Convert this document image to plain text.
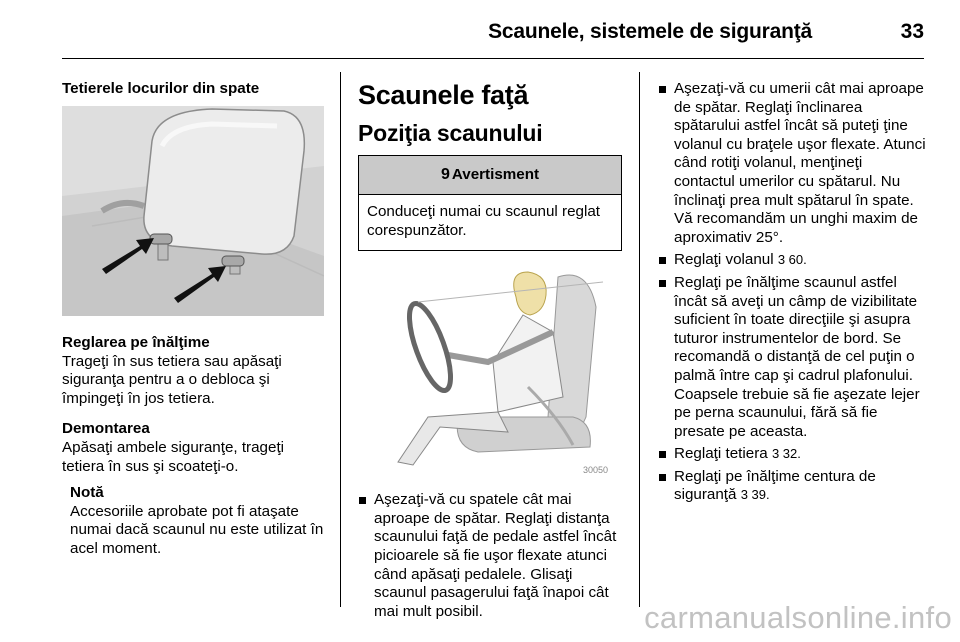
Scaunele, sistemele de siguranţă	33
Tetierele locurilor din spate
Reglarea pe înălţime

Trageţi în sus tetiera sau apăsaţi siguranţa pentru a o debloca şi împingeţi în jos tetiera.

Demontarea

Apăsaţi ambele siguranţe, trageţi tetiera în sus şi scoateţi-o.

Notă

Accesoriile aprobate pot fi ataşate numai dacă scaunul nu este utilizat în acel moment.

Scaunele faţă
Poziţia scaunului
9 Avertisment
Conduceţi numai cu scaunul reglat corespunzător.
30050
Aşezaţi-vă cu spatele cât mai aproape de spătar. Reglaţi distanţa scaunului faţă de pedale astfel încât picioarele să fie uşor flexate atunci când apăsaţi pedalele. Glisaţi scaunul pasagerului faţă înapoi cât mai mult posibil.
Aşezaţi-vă cu umerii cât mai aproape de spătar. Reglaţi înclinarea spătarului astfel încât să puteţi ţine volanul cu braţele uşor flexate. Atunci când rotiţi volanul, menţineţi contactul umerilor cu spătarul. Nu înclinaţi prea mult spătarul în spate. Vă recomandăm un unghi maxim de aproximativ 25°.
Reglaţi volanul 3 60.
Reglaţi pe înălţime scaunul astfel încât să aveţi un câmp de vizibilitate suficient în toate direcţiile şi asupra tuturor instrumentelor de bord. Se recomandă o distanţă de cel puţin o palmă între cap şi cadrul plafonului. Coapsele trebuie să fie aşezate lejer pe perna scaunului, fără să fie presate pe aceasta.
Reglaţi tetiera 3 32.
Reglaţi pe înălţime centura de siguranţă 3 39.
carmanualsonline.info
